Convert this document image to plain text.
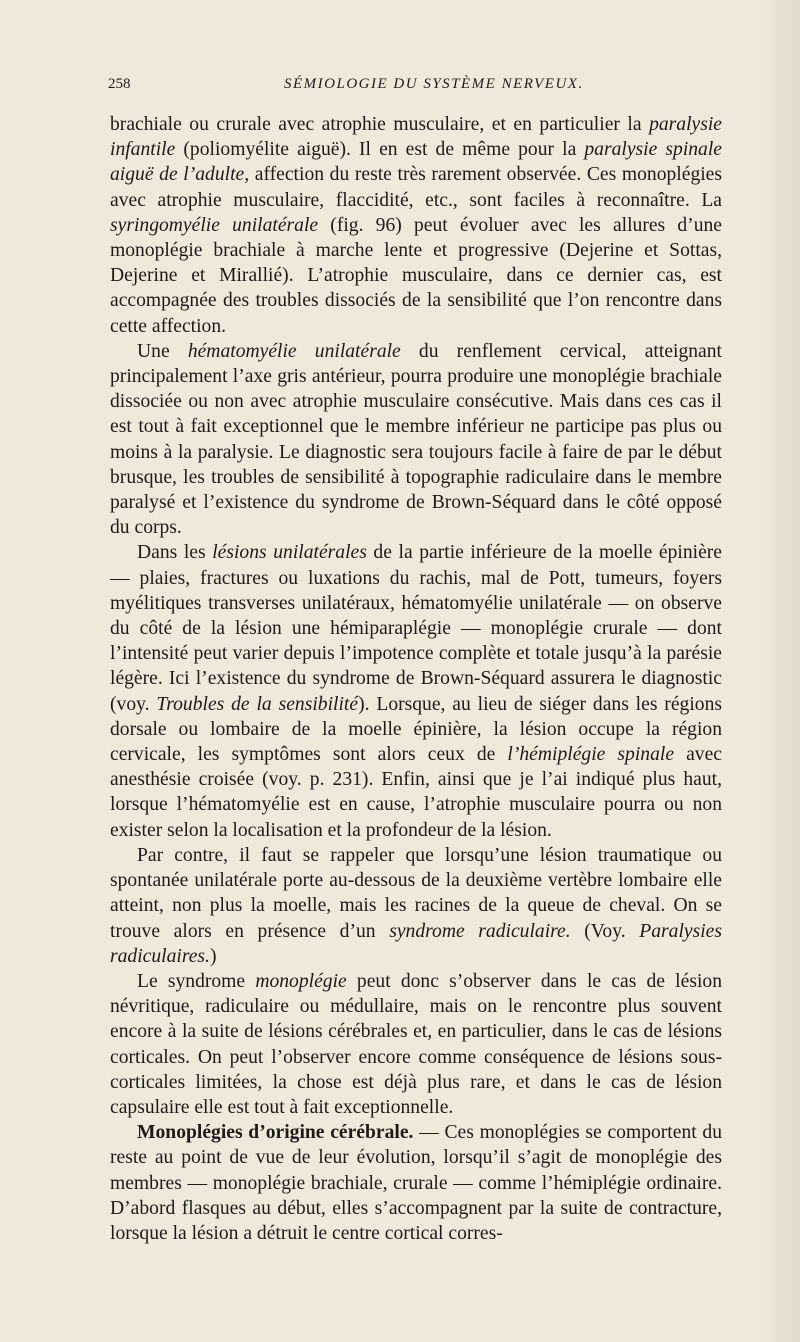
258	SÉMIOLOGIE DU SYSTÈME NERVEUX.

brachiale ou crurale avec atrophie musculaire, et en particulier la paralysie infantile (poliomyélite aiguë). Il en est de même pour la paralysie spinale aiguë de l’adulte, affection du reste très rarement observée. Ces monoplégies avec atrophie musculaire, flaccidité, etc., sont faciles à reconnaître. La syringomyélie unilatérale (fig. 96) peut évoluer avec les allures d’une monoplégie brachiale à marche lente et progressive (Dejerine et Sottas, Dejerine et Mirallié). L’atrophie musculaire, dans ce dernier cas, est accompagnée des troubles dissociés de la sensibilité que l’on rencontre dans cette affection.

Une hématomyélie unilatérale du renflement cervical, atteignant principalement l’axe gris antérieur, pourra produire une monoplégie brachiale dissociée ou non avec atrophie musculaire consécutive. Mais dans ces cas il est tout à fait exceptionnel que le membre inférieur ne participe pas plus ou moins à la paralysie. Le diagnostic sera toujours facile à faire de par le début brusque, les troubles de sensibilité à topographie radiculaire dans le membre paralysé et l’existence du syndrome de Brown-Séquard dans le côté opposé du corps.

Dans les lésions unilatérales de la partie inférieure de la moelle épinière — plaies, fractures ou luxations du rachis, mal de Pott, tumeurs, foyers myélitiques transverses unilatéraux, hématomyélie unilatérale — on observe du côté de la lésion une hémiparaplégie — monoplégie crurale — dont l’intensité peut varier depuis l’impotence complète et totale jusqu’à la parésie légère. Ici l’existence du syndrome de Brown-Séquard assurera le diagnostic (voy. Troubles de la sensibilité). Lorsque, au lieu de siéger dans les régions dorsale ou lombaire de la moelle épinière, la lésion occupe la région cervicale, les symptômes sont alors ceux de l’hémiplégie spinale avec anesthésie croisée (voy. p. 231). Enfin, ainsi que je l’ai indiqué plus haut, lorsque l’hématomyélie est en cause, l’atrophie musculaire pourra ou non exister selon la localisation et la profondeur de la lésion.

Par contre, il faut se rappeler que lorsqu’une lésion traumatique ou spontanée unilatérale porte au-dessous de la deuxième vertèbre lombaire elle atteint, non plus la moelle, mais les racines de la queue de cheval. On se trouve alors en présence d’un syndrome radiculaire. (Voy. Paralysies radiculaires.)

Le syndrome monoplégie peut donc s’observer dans le cas de lésion névritique, radiculaire ou médullaire, mais on le rencontre plus souvent encore à la suite de lésions cérébrales et, en particulier, dans le cas de lésions corticales. On peut l’observer encore comme conséquence de lésions sous-corticales limitées, la chose est déjà plus rare, et dans le cas de lésion capsulaire elle est tout à fait exceptionnelle.

Monoplégies d’origine cérébrale. — Ces monoplégies se comportent du reste au point de vue de leur évolution, lorsqu’il s’agit de monoplégie des membres — monoplégie brachiale, crurale — comme l’hémiplégie ordinaire. D’abord flasques au début, elles s’accompagnent par la suite de contracture, lorsque la lésion a détruit le centre cortical corres-
